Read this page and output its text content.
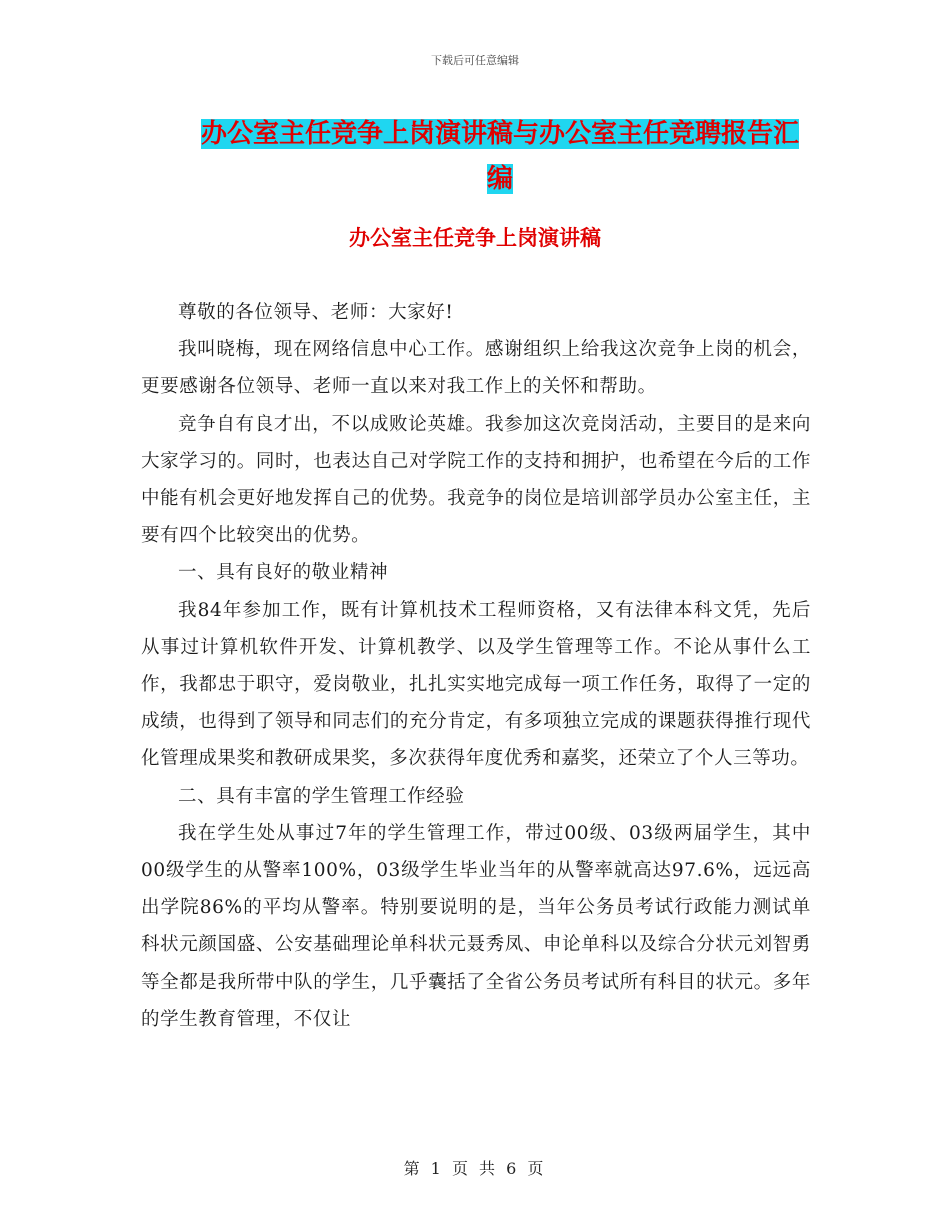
下载后可任意编辑
办公室主任竞争上岗演讲稿与办公室主任竞聘报告汇编
办公室主任竞争上岗演讲稿

尊敬的各位领导、老师：大家好!

我叫晓梅，现在网络信息中心工作。感谢组织上给我这次竞争上岗的机会，更要感谢各位领导、老师一直以来对我工作上的关怀和帮助。

竞争自有良才出，不以成败论英雄。我参加这次竞岗活动，主要目的是来向大家学习的。同时，也表达自己对学院工作的支持和拥护，也希望在今后的工作中能有机会更好地发挥自己的优势。我竞争的岗位是培训部学员办公室主任，主要有四个比较突出的优势。

一、具有良好的敬业精神

我84年参加工作，既有计算机技术工程师资格，又有法律本科文凭，先后从事过计算机软件开发、计算机教学、以及学生管理等工作。不论从事什么工作，我都忠于职守，爱岗敬业，扎扎实实地完成每一项工作任务，取得了一定的成绩，也得到了领导和同志们的充分肯定，有多项独立完成的课题获得推行现代化管理成果奖和教研成果奖，多次获得年度优秀和嘉奖，还荣立了个人三等功。

二、具有丰富的学生管理工作经验

我在学生处从事过7年的学生管理工作，带过00级、03级两届学生，其中00级学生的从警率100%，03级学生毕业当年的从警率就高达97.6%，远远高出学院86%的平均从警率。特别要说明的是，当年公务员考试行政能力测试单科状元颜国盛、公安基础理论单科状元聂秀凤、申论单科以及综合分状元刘智勇等全都是我所带中队的学生，几乎囊括了全省公务员考试所有科目的状元。多年的学生教育管理，不仅让

第 1 页 共 6 页
